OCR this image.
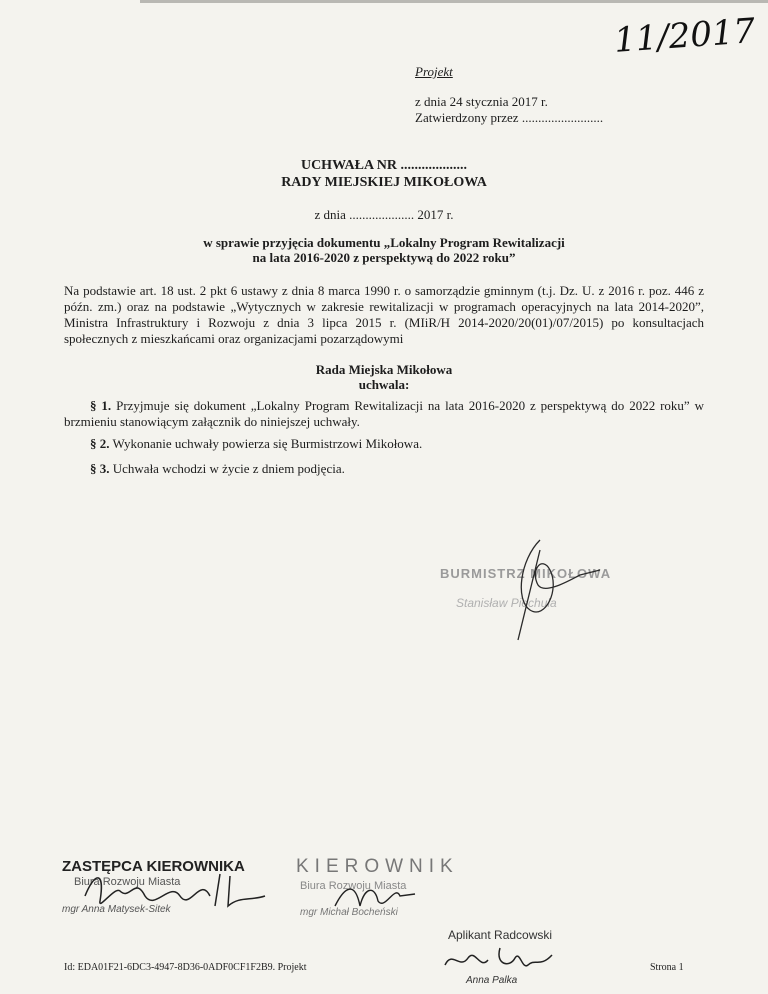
11/2017
Projekt
z dnia 24 stycznia 2017 r.
Zatwierdzony przez .........................
UCHWAŁA NR ...................
RADY MIEJSKIEJ MIKOŁOWA
z dnia .................... 2017 r.
w sprawie przyjęcia dokumentu „Lokalny Program Rewitalizacji
na lata 2016-2020 z perspektywą do 2022 roku”
Na podstawie art. 18 ust. 2 pkt 6 ustawy z dnia 8 marca 1990 r. o samorządzie gminnym (t.j. Dz. U. z 2016 r. poz. 446 z późn. zm.) oraz na podstawie „Wytycznych w zakresie rewitalizacji w programach operacyjnych na lata 2014-2020”, Ministra Infrastruktury i Rozwoju z dnia 3 lipca 2015 r. (MIiR/H 2014-2020/20(01)/07/2015) po konsultacjach społecznych z mieszkańcami oraz organizacjami pozarządowymi
Rada Miejska Mikołowa
uchwala:
§ 1. Przyjmuje się dokument „Lokalny Program Rewitalizacji na lata 2016-2020 z perspektywą do 2022 roku” w brzmieniu stanowiącym załącznik do niniejszej uchwały.
§ 2. Wykonanie uchwały powierza się Burmistrzowi Mikołowa.
§ 3. Uchwała wchodzi w życie z dniem podjęcia.
BURMISTRZ MIKOŁOWA
Stanisław Piechula
ZASTĘPCA KIEROWNIKA
Biura Rozwoju Miasta
mgr Anna Matysek-Sitek
KIEROWNIK
Biura Rozwoju Miasta
mgr Michał Bocheński
Id: EDA01F21-6DC3-4947-8D36-0ADF0CF1F2B9. Projekt
Aplikant Radcowski
Anna Palka
Strona 1
